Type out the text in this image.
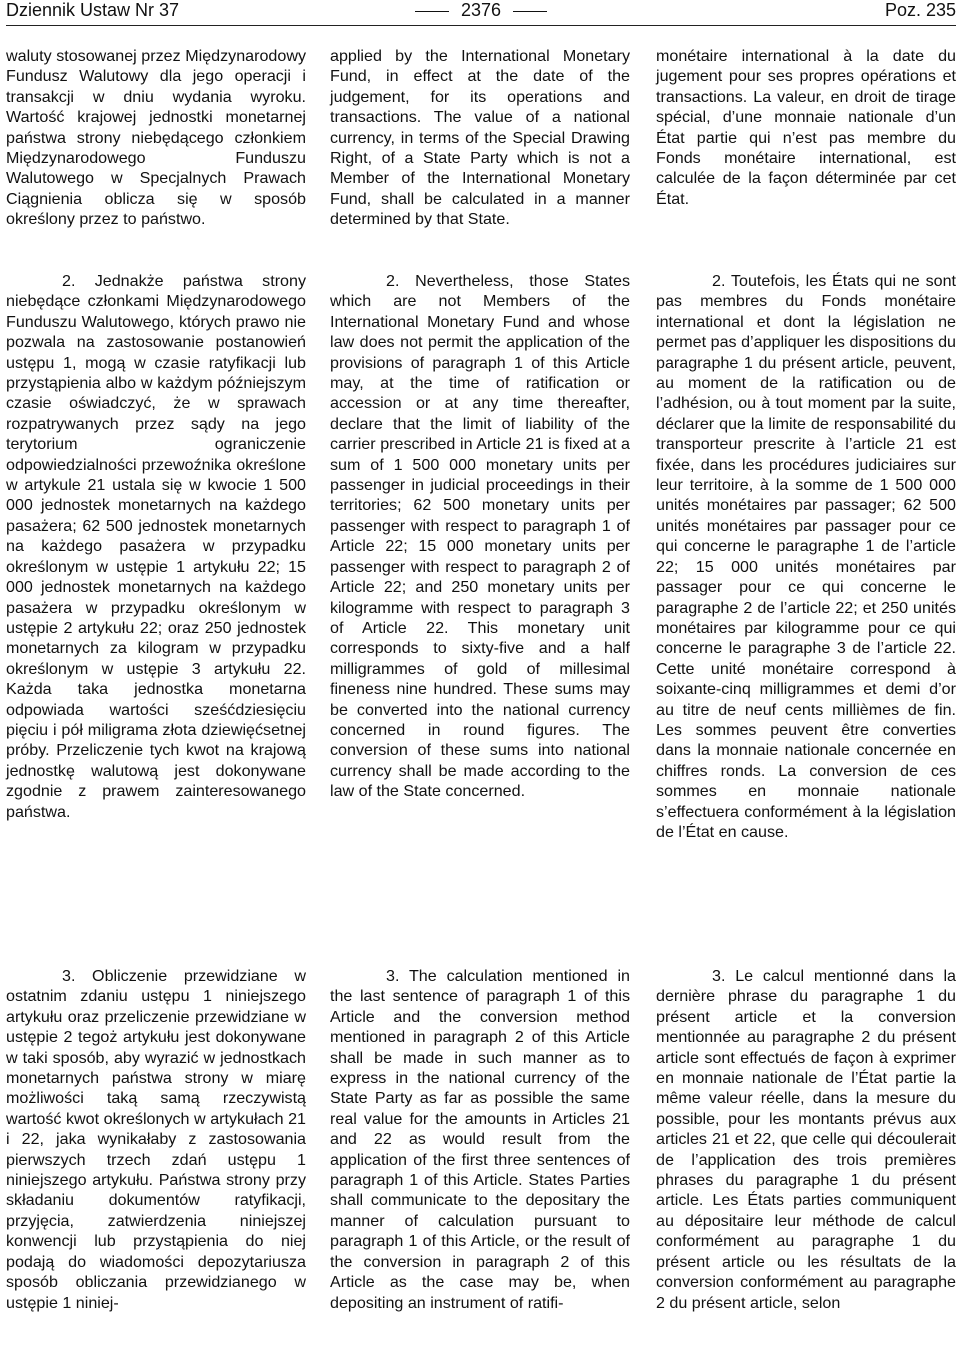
Dziennik Ustaw Nr 37	2376	Poz. 235

waluty stosowanej przez Międzynarodowy Fundusz Walutowy dla jego operacji i transakcji w dniu wydania wyroku. Wartość krajowej jednostki monetarnej państwa strony niebędącego członkiem Międzynarodowego Funduszu Walutowego w Specjalnych Prawach Ciągnienia oblicza się w sposób określony przez to państwo.

applied by the International Monetary Fund, in effect at the date of the judgement, for its operations and transactions. The value of a national currency, in terms of the Special Drawing Right, of a State Party which is not a Member of the International Monetary Fund, shall be calculated in a manner determined by that State.

monétaire international à la date du jugement pour ses propres opérations et transactions. La valeur, en droit de tirage spécial, d’une monnaie nationale d’un État partie qui n’est pas membre du Fonds monétaire international, est calculée de la façon déterminée par cet État.

2. Jednakże państwa strony niebędące członkami Międzynarodowego Funduszu Walutowego, których prawo nie pozwala na zastosowanie postanowień ustępu 1, mogą w czasie ratyfikacji lub przystąpienia albo w każdym późniejszym czasie oświadczyć, że w sprawach rozpatrywanych przez sądy na jego terytorium ograniczenie odpowiedzialności przewoźnika określone w artykule 21 ustala się w kwocie 1 500 000 jednostek monetarnych na każdego pasażera; 62 500 jednostek monetarnych na każdego pasażera w przypadku określonym w ustępie 1 artykułu 22; 15 000 jednostek monetarnych na każdego pasażera w przypadku określonym w ustępie 2 artykułu 22; oraz 250 jednostek monetarnych za kilogram w przypadku określonym w ustępie 3 artykułu 22. Każda taka jednostka monetarna odpowiada wartości sześćdziesięciu pięciu i pół miligrama złota dziewięćsetnej próby. Przeliczenie tych kwot na krajową jednostkę walutową jest dokonywane zgodnie z prawem zainteresowanego państwa.

2. Nevertheless, those States which are not Members of the International Monetary Fund and whose law does not permit the application of the provisions of paragraph 1 of this Article may, at the time of ratification or accession or at any time thereafter, declare that the limit of liability of the carrier prescribed in Article 21 is fixed at a sum of 1 500 000 monetary units per passenger in judicial proceedings in their territories; 62 500 monetary units per passenger with respect to paragraph 1 of Article 22; 15 000 monetary units per passenger with respect to paragraph 2 of Article 22; and 250 monetary units per kilogramme with respect to paragraph 3 of Article 22. This monetary unit corresponds to sixty-five and a half milligrammes of gold of millesimal fineness nine hundred. These sums may be converted into the national currency concerned in round figures. The conversion of these sums into national currency shall be made according to the law of the State concerned.

2. Toutefois, les États qui ne sont pas membres du Fonds monétaire international et dont la législation ne permet pas d’appliquer les dispositions du paragraphe 1 du présent article, peuvent, au moment de la ratification ou de l’adhésion, ou à tout moment par la suite, déclarer que la limite de responsabilité du transporteur prescrite à l’article 21 est fixée, dans les procédures judiciaires sur leur territoire, à la somme de 1 500 000 unités monétaires par passager; 62 500 unités monétaires par passager pour ce qui concerne le paragraphe 1 de l’article 22; 15 000 unités monétaires par passager pour ce qui concerne le paragraphe 2 de l’article 22; et 250 unités monétaires par kilogramme pour ce qui concerne le paragraphe 3 de l’article 22. Cette unité monétaire correspond à soixante-cinq milligrammes et demi d’or au titre de neuf cents millièmes de fin. Les sommes peuvent être converties dans la monnaie nationale concernée en chiffres ronds. La conversion de ces sommes en monnaie nationale s’effectuera conformément à la législation de l’État en cause.

3. Obliczenie przewidziane w ostatnim zdaniu ustępu 1 niniejszego artykułu oraz przeliczenie przewidziane w ustępie 2 tegoż artykułu jest dokonywane w taki sposób, aby wyrazić w jednostkach monetarnych państwa strony w miarę możliwości taką samą rzeczywistą wartość kwot określonych w artykułach 21 i 22, jaka wynikałaby z zastosowania pierwszych trzech zdań ustępu 1 niniejszego artykułu. Państwa strony przy składaniu dokumentów ratyfikacji, przyjęcia, zatwierdzenia niniejszej konwencji lub przystąpienia do niej podają do wiadomości depozytariusza sposób obliczania przewidzianego w ustępie 1 niniej-

3. The calculation mentioned in the last sentence of paragraph 1 of this Article and the conversion method mentioned in paragraph 2 of this Article shall be made in such manner as to express in the national currency of the State Party as far as possible the same real value for the amounts in Articles 21 and 22 as would result from the application of the first three sentences of paragraph 1 of this Article. States Parties shall communicate to the depositary the manner of calculation pursuant to paragraph 1 of this Article, or the result of the conversion in paragraph 2 of this Article as the case may be, when depositing an instrument of ratifi-

3. Le calcul mentionné dans la dernière phrase du paragraphe 1 du présent article et la conversion mentionnée au paragraphe 2 du présent article sont effectués de façon à exprimer en monnaie nationale de l’État partie la même valeur réelle, dans la mesure du possible, pour les montants prévus aux articles 21 et 22, que celle qui découlerait de l’application des trois premières phrases du paragraphe 1 du présent article. Les États parties communiquent au dépositaire leur méthode de calcul conformément au paragraphe 1 du présent article ou les résultats de la conversion conformément au paragraphe 2 du présent article, selon
